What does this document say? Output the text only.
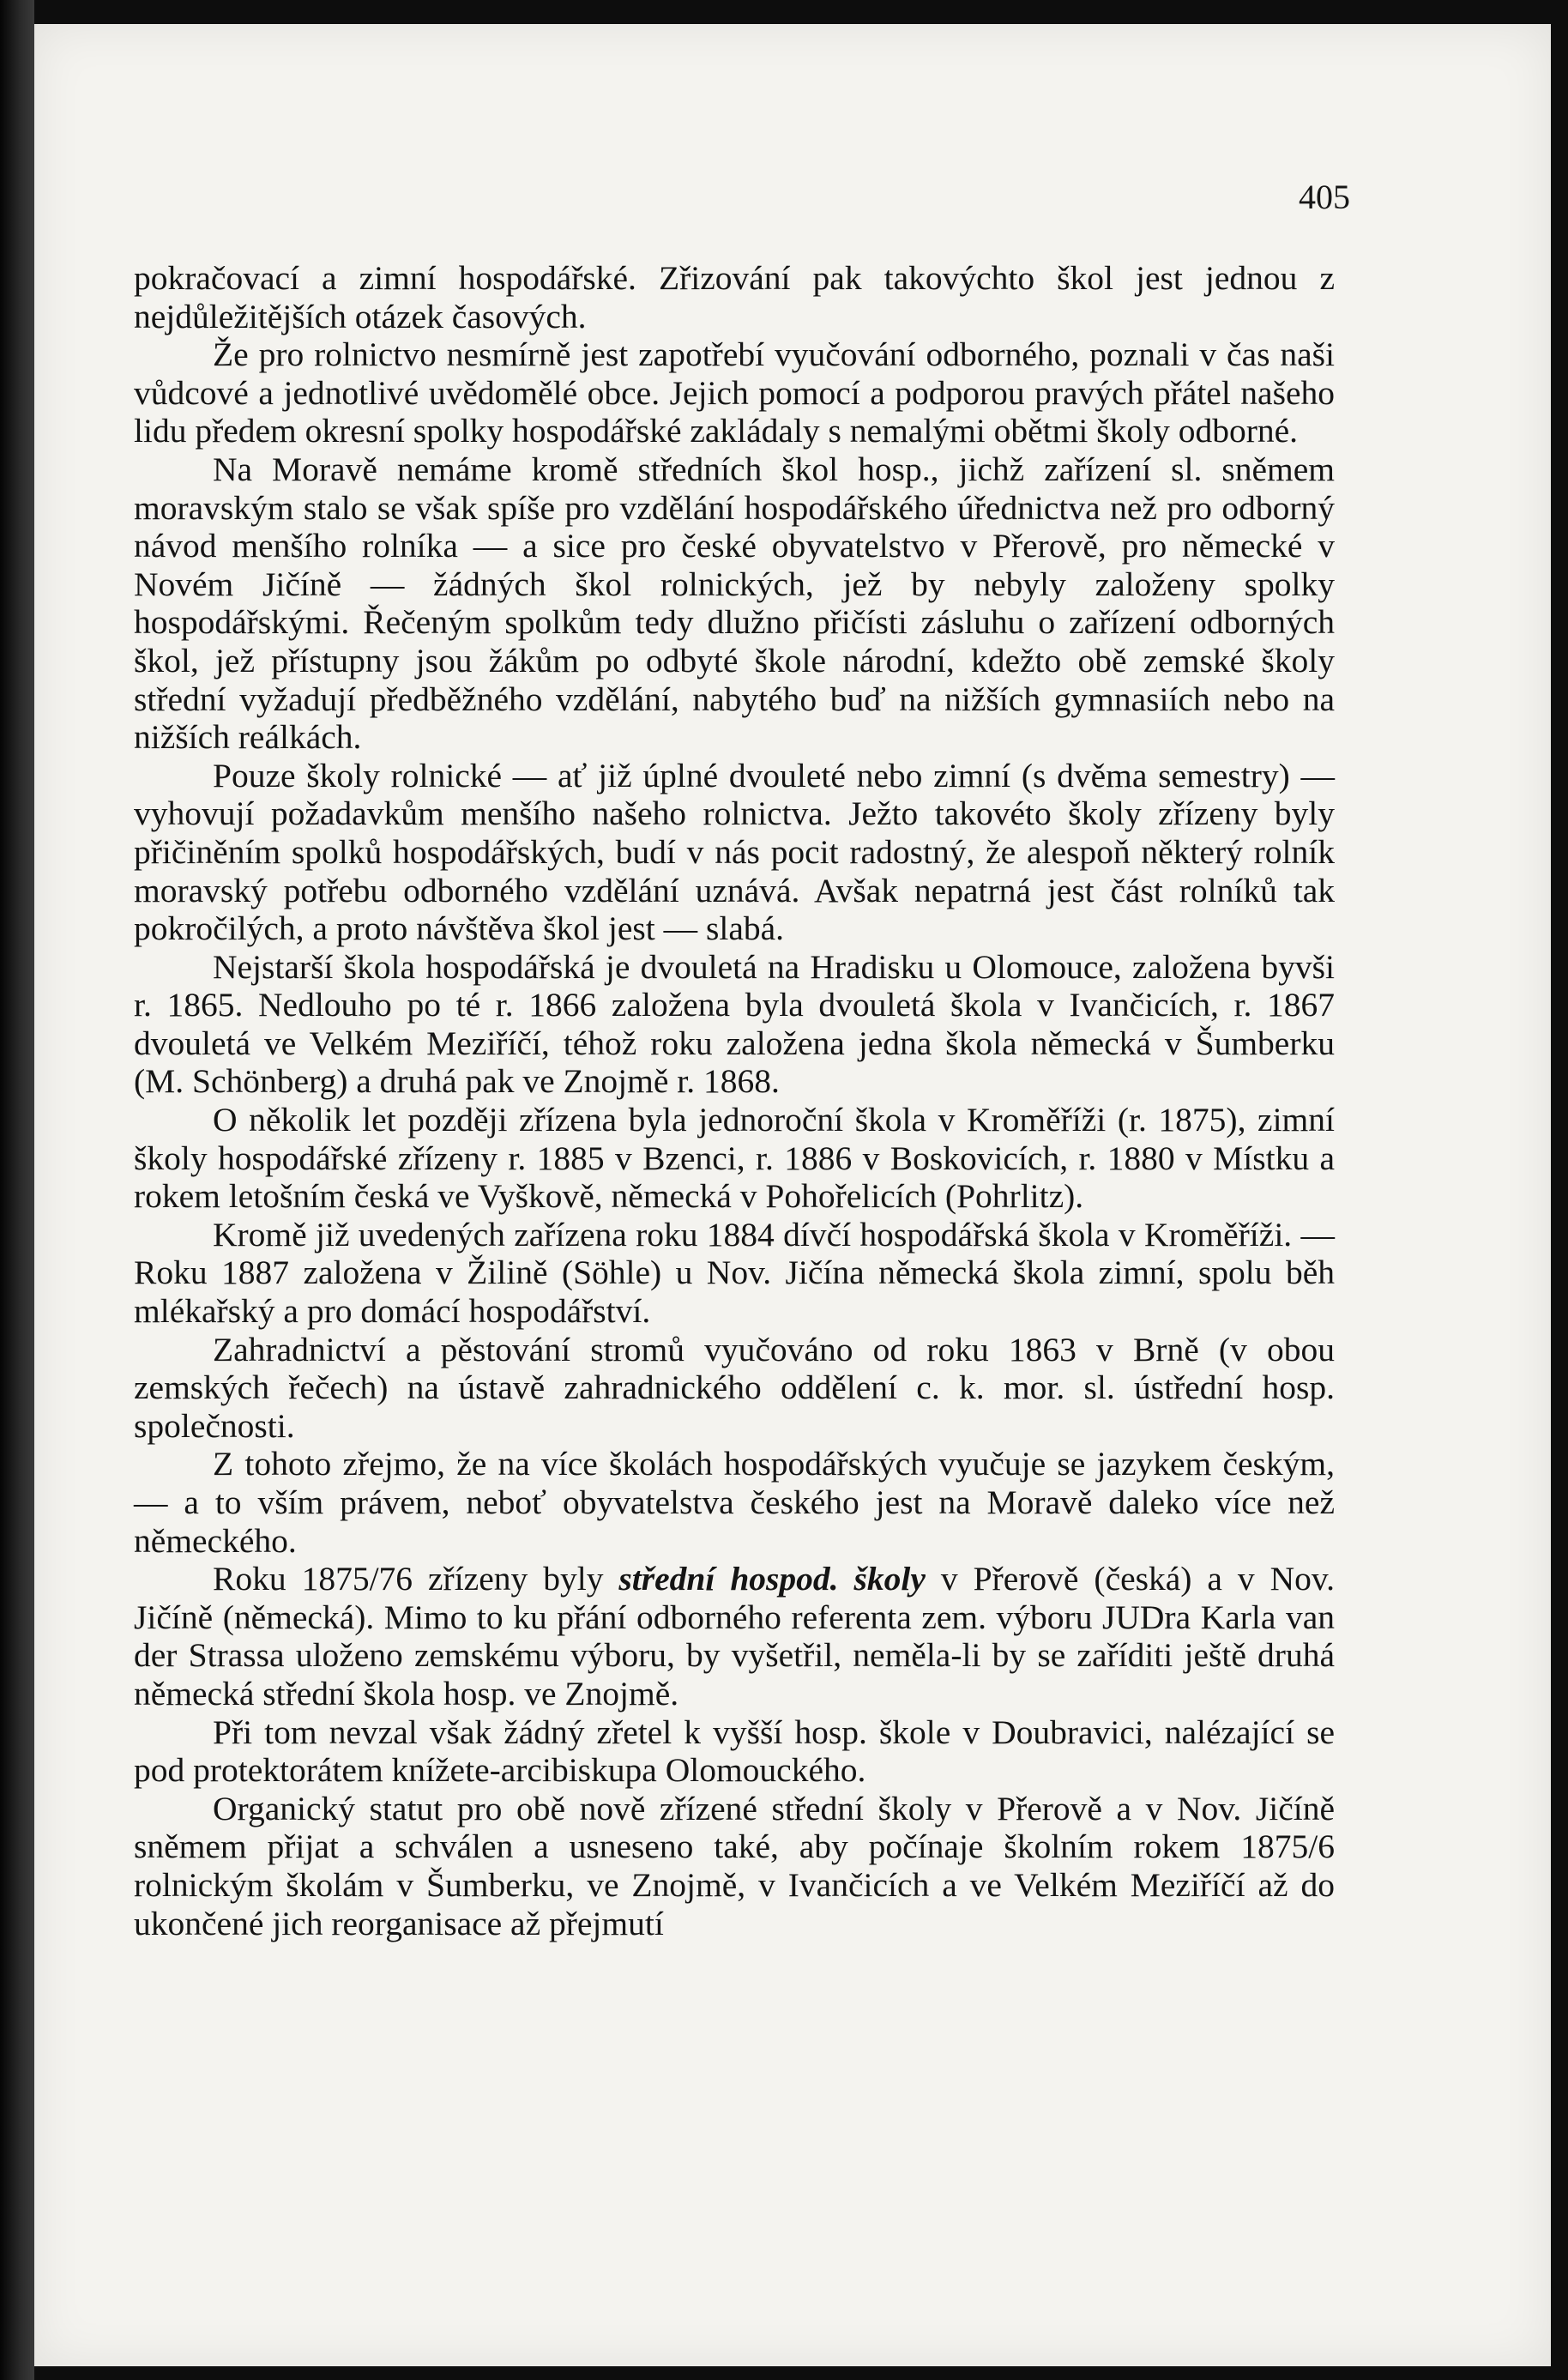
405

pokračovací a zimní hospodářské. Zřizování pak takovýchto škol jest jednou z nejdůležitějších otázek časových.

Že pro rolnictvo nesmírně jest zapotřebí vyučování odborného, poznali v čas naši vůdcové a jednotlivé uvědomělé obce. Jejich pomocí a podporou pravých přátel našeho lidu předem okresní spolky hospodářské zakládaly s nemalými obětmi školy odborné.

Na Moravě nemáme kromě středních škol hosp., jichž zařízení sl. sněmem moravským stalo se však spíše pro vzdělání hospodářského úřednictva než pro odborný návod menšího rolníka — a sice pro české obyvatelstvo v Přerově, pro německé v Novém Jičíně — žádných škol rolnických, jež by nebyly založeny spolky hospodářskými. Řečeným spolkům tedy dlužno přičísti zásluhu o zařízení odborných škol, jež přístupny jsou žákům po odbyté škole národní, kdežto obě zemské školy střední vyžadují předběžného vzdělání, nabytého buď na nižších gymnasiích nebo na nižších reálkách.

Pouze školy rolnické — ať již úplné dvouleté nebo zimní (s dvěma semestry) — vyhovují požadavkům menšího našeho rolnictva. Ježto takovéto školy zřízeny byly přičiněním spolků hospodářských, budí v nás pocit radostný, že alespoň některý rolník moravský potřebu odborného vzdělání uznává. Avšak nepatrná jest část rolníků tak pokročilých, a proto návštěva škol jest — slabá.

Nejstarší škola hospodářská je dvouletá na Hradisku u Olomouce, založena byvši r. 1865. Nedlouho po té r. 1866 založena byla dvouletá škola v Ivančicích, r. 1867 dvouletá ve Velkém Meziříčí, téhož roku založena jedna škola německá v Šumberku (M. Schönberg) a druhá pak ve Znojmě r. 1868.

O několik let později zřízena byla jednoroční škola v Kroměříži (r. 1875), zimní školy hospodářské zřízeny r. 1885 v Bzenci, r. 1886 v Boskovicích, r. 1880 v Místku a rokem letošním česká ve Vyškově, německá v Pohořelicích (Pohrlitz).

Kromě již uvedených zařízena roku 1884 dívčí hospodářská škola v Kroměříži. — Roku 1887 založena v Žilině (Söhle) u Nov. Jičína německá škola zimní, spolu běh mlékařský a pro domácí hospodářství.

Zahradnictví a pěstování stromů vyučováno od roku 1863 v Brně (v obou zemských řečech) na ústavě zahradnického oddělení c. k. mor. sl. ústřední hosp. společnosti.

Z tohoto zřejmo, že na více školách hospodářských vyučuje se jazykem českým, — a to vším právem, neboť obyvatelstva českého jest na Moravě daleko více než německého.

Roku 1875/76 zřízeny byly střední hospod. školy v Přerově (česká) a v Nov. Jičíně (německá). Mimo to ku přání odborného referenta zem. výboru JUDra Karla van der Strassa uloženo zemskému výboru, by vyšetřil, neměla-li by se zaříditi ještě druhá německá střední škola hosp. ve Znojmě.

Při tom nevzal však žádný zřetel k vyšší hosp. škole v Doubravici, nalézající se pod protektorátem knížete-arcibiskupa Olomouckého.

Organický statut pro obě nově zřízené střední školy v Přerově a v Nov. Jičíně sněmem přijat a schválen a usneseno také, aby počínaje školním rokem 1875/6 rolnickým školám v Šumberku, ve Znojmě, v Ivančicích a ve Velkém Meziříčí až do ukončené jich reorganisace až přejmutí
